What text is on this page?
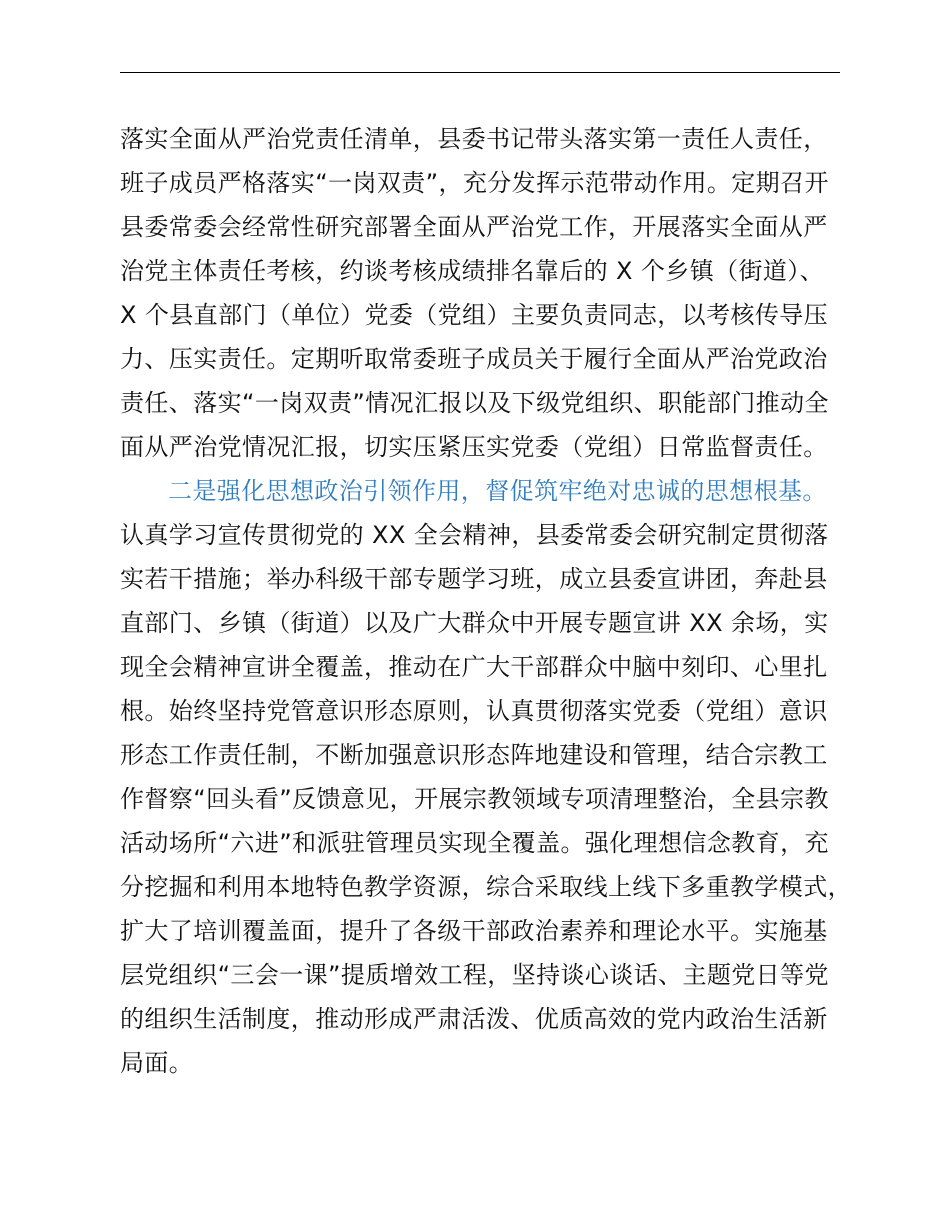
落实全面从严治党责任清单，县委书记带头落实第一责任人责任，
班子成员严格落实“一岗双责”，充分发挥示范带动作用。定期召开
县委常委会经常性研究部署全面从严治党工作，开展落实全面从严
治党主体责任考核，约谈考核成绩排名靠后的 X 个乡镇（街道）、
X 个县直部门（单位）党委（党组）主要负责同志，以考核传导压
力、压实责任。定期听取常委班子成员关于履行全面从严治党政治
责任、落实“一岗双责”情况汇报以及下级党组织、职能部门推动全
面从严治党情况汇报，切实压紧压实党委（党组）日常监督责任。
二是强化思想政治引领作用，督促筑牢绝对忠诚的思想根基。
认真学习宣传贯彻党的 XX 全会精神，县委常委会研究制定贯彻落
实若干措施；举办科级干部专题学习班，成立县委宣讲团，奔赴县
直部门、乡镇（街道）以及广大群众中开展专题宣讲 XX 余场，实
现全会精神宣讲全覆盖，推动在广大干部群众中脑中刻印、心里扎
根。始终坚持党管意识形态原则，认真贯彻落实党委（党组）意识
形态工作责任制，不断加强意识形态阵地建设和管理，结合宗教工
作督察“回头看”反馈意见，开展宗教领域专项清理整治，全县宗教
活动场所“六进”和派驻管理员实现全覆盖。强化理想信念教育，充
分挖掘和利用本地特色教学资源，综合采取线上线下多重教学模式，
扩大了培训覆盖面，提升了各级干部政治素养和理论水平。实施基
层党组织“三会一课”提质增效工程，坚持谈心谈话、主题党日等党
的组织生活制度，推动形成严肃活泼、优质高效的党内政治生活新
局面。
